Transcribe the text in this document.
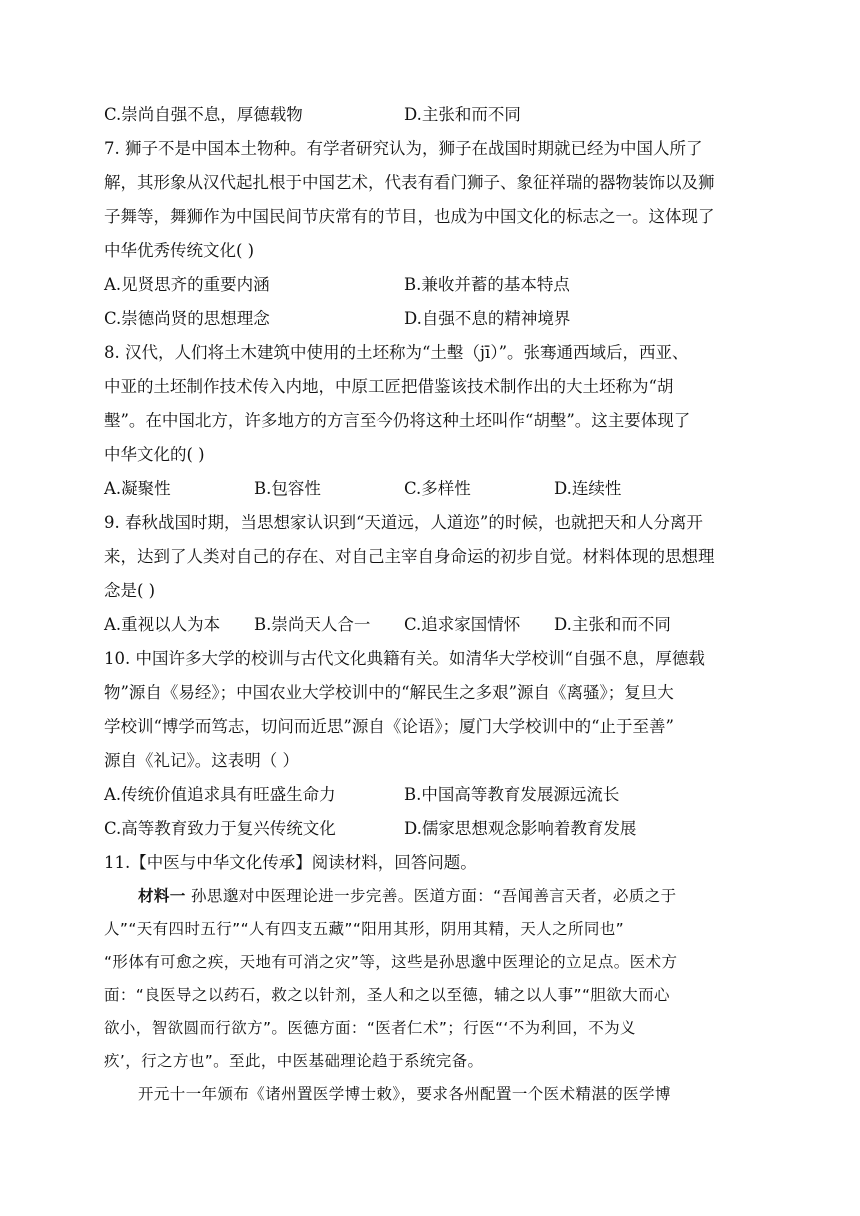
C.崇尚自强不息，厚德载物	D.主张和而不同
7. 狮子不是中国本土物种。有学者研究认为，狮子在战国时期就已经为中国人所了
解，其形象从汉代起扎根于中国艺术，代表有看门狮子、象征祥瑞的器物装饰以及狮
子舞等，舞狮作为中国民间节庆常有的节目，也成为中国文化的标志之一。这体现了
中华优秀传统文化( )
A.见贤思齐的重要内涵	B.兼收并蓄的基本特点
C.崇德尚贤的思想理念	D.自强不息的精神境界
8. 汉代，人们将土木建筑中使用的土坯称为“土墼（jī）”。张骞通西域后，西亚、
中亚的土坯制作技术传入内地，中原工匠把借鉴该技术制作出的大土坯称为“胡
墼”。在中国北方，许多地方的方言至今仍将这种土坯叫作“胡墼”。这主要体现了
中华文化的( )
A.凝聚性	B.包容性	C.多样性	D.连续性
9. 春秋战国时期，当思想家认识到“天道远，人道迩”的时候，也就把天和人分离开
来，达到了人类对自己的存在、对自己主宰自身命运的初步自觉。材料体现的思想理
念是( )
A.重视以人为本 B.崇尚天人合一 C.追求家国情怀 D.主张和而不同
10. 中国许多大学的校训与古代文化典籍有关。如清华大学校训“自强不息，厚德载
物”源自《易经》；中国农业大学校训中的“解民生之多艰”源自《离骚》；复旦大
学校训“博学而笃志，切问而近思”源自《论语》；厦门大学校训中的“止于至善”
源自《礼记》。这表明（ ）
A.传统价值追求具有旺盛生命力	B.中国高等教育发展源远流长
C.高等教育致力于复兴传统文化	D.儒家思想观念影响着教育发展
11.【中医与中华文化传承】阅读材料，回答问题。
材料一 孙思邈对中医理论进一步完善。医道方面：“吾闻善言天者，必质之于
人”“天有四时五行”“人有四支五藏”“阳用其形，阴用其精，天人之所同也”
“形体有可愈之疾，天地有可消之灾”等，这些是孙思邈中医理论的立足点。医术方
面：“良医导之以药石，救之以针剂，圣人和之以至德，辅之以人事”“胆欲大而心
欲小，智欲圆而行欲方”。医德方面：“医者仁术”；行医“‘不为利回，不为义
疚’，行之方也”。至此，中医基础理论趋于系统完备。
开元十一年颁布《诸州置医学博士敕》，要求各州配置一个医术精湛的医学博
